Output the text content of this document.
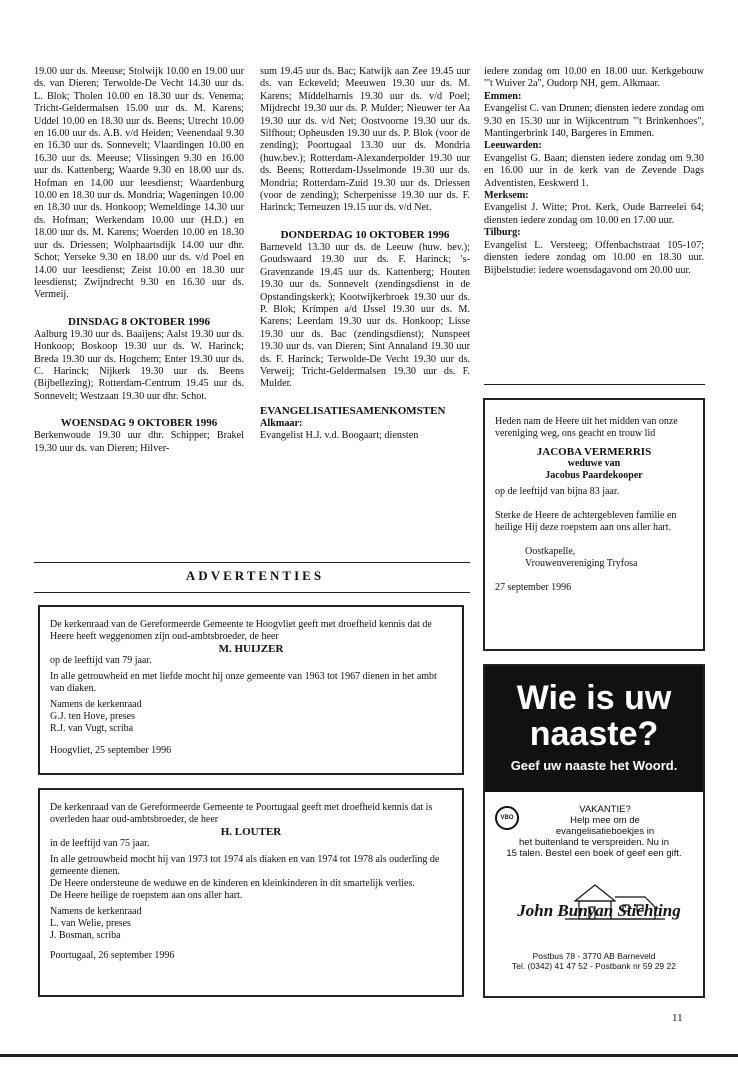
19.00 uur ds. Meeuse; Stolwijk 10.00 en 19.00 uur ds. van Dieren; Terwolde-De Vecht 14.30 uur ds. L. Blok; Tholen 10.00 en 18.30 uur ds. Venema; Tricht-Geldermalsen 15.00 uur ds. M. Karens; Uddel 10.00 en 18.30 uur ds. Beens; Utrecht 10.00 en 16.00 uur ds. A.B. v/d Heiden; Veenendaal 9.30 en 16.30 uur ds. Sonnevelt; Vlaardingen 10.00 en 16.30 uur ds. Meeuse; Vlissingen 9.30 en 16.00 uur ds. Kattenberg; Waarde 9.30 en 18.00 uur ds. Hofman en 14.00 uur leesdienst; Waardenburg 10.00 en 18.30 uur ds. Mondria; Wageningen 10.00 en 18.30 uur ds. Honkoop; Wemeldinge 14.30 uur ds. Hofman; Werkendam 10.00 uur (H.D.) en 18.00 uur ds. M. Karens; Woerden 10.00 en 18.30 uur ds. Driessen; Wolphaartsdijk 14.00 uur dhr. Schot; Yerseke 9.30 en 18.00 uur ds. v/d Poel en 14.00 uur leesdienst; Zeist 10.00 en 18.30 uur leesdienst; Zwijndrecht 9.30 en 16.30 uur ds. Vermeij.

DINSDAG 8 OKTOBER 1996

Aalburg 19.30 uur ds. Baaijens; Aalst 19.30 uur ds. Honkoop; Boskoop 19.30 uur ds. W. Harinck; Breda 19.30 uur ds. Hogchem; Enter 19.30 uur ds. C. Harinck; Nijkerk 19.30 uur ds. Beens (Bijbellezing); Rotterdam-Centrum 19.45 uur ds. Sonnevelt; Westzaan 19.30 uur dhr. Schot.

WOENSDAG 9 OKTOBER 1996

Berkenwoude 19.30 uur dhr. Schipper; Brakel 19.30 uur ds. van Dieren; Hilver-

sum 19.45 uur ds. Bac; Katwijk aan Zee 19.45 uur ds. van Eckeveld; Meeuwen 19.30 uur ds. M. Karens; Middelharnis 19.30 uur ds. v/d Poel; Mijdrecht 19.30 uur ds. P. Mulder; Nieuwer ter Aa 19.30 uur ds. v/d Net; Oostvoorne 19.30 uur ds. Silfhout; Opheusden 19.30 uur ds. P. Blok (voor de zending); Poortugaal 13.30 uur ds. Mondria (huw.bev.); Rotterdam-Alexanderpolder 19.30 uur ds. Beens; Rotterdam-IJsselmonde 19.30 uur ds. Mondria; Rotterdam-Zuid 19.30 uur ds. Driessen (voor de zending); Scherpenisse 19.30 uur ds. F. Harinck; Terneuzen 19.15 uur ds. v/d Net.

DONDERDAG 10 OKTOBER 1996

Barneveld 13.30 uur ds. de Leeuw (huw. bev.); Goudswaard 19.30 uur ds. F. Harinck; 's-Gravenzande 19.45 uur ds. Kattenberg; Houten 19.30 uur ds. Sonnevelt (zendingsdienst in de Opstandingskerk); Kootwijkerbroek 19.30 uur ds. P. Blok; Krimpen a/d IJssel 19.30 uur ds. M. Karens; Leerdam 19.30 uur ds. Honkoop; Lisse 19.30 uur ds. Bac (zendingsdienst); Nunspeet 19.30 uur ds. van Dieren; Sint Annaland 19.30 uur ds. F. Harinck; Terwolde-De Vecht 19.30 uur ds. Verweij; Tricht-Geldermalsen 19.30 uur ds. F. Mulder.

EVANGELISATIESAMENKOMSTEN

Alkmaar:

Evangelist H.J. v.d. Boogaart; diensten

iedere zondag om 10.00 en 18.00 uur. Kerkgebouw "'t Wuiver 2a", Oudorp NH, gem. Alkmaar.

Emmen:

Evangelist C. van Drunen; diensten iedere zondag om 9.30 en 15.30 uur in Wijkcentrum "'t Brinkenhoes", Mantingerbrink 140, Bargeres in Emmen.

Leeuwarden:

Evangelist G. Baan; diensten iedere zondag om 9.30 en 16.00 uur in de kerk van de Zevende Dags Adventisten, Eeskwerd 1.

Merksem:

Evangelist J. Witte; Prot. Kerk, Oude Barreelei 64; diensten iedere zondag om 10.00 en 17.00 uur.

Tilburg:

Evangelist L. Versteeg; Offenbachstraat 105-107; diensten iedere zondag om 10.00 en 18.30 uur. Bijbelstudie: iedere woensdagavond om 20.00 uur.

ADVERTENTIES

De kerkenraad van de Gereformeerde Gemeente te Hoogvliet geeft met droefheid kennis dat de Heere heeft weggenomen zijn oud-ambtsbroeder, de heer

M. HUIJZER

op de leeftijd van 79 jaar.

In alle getrouwheid en met liefde mocht hij onze gemeente van 1963 tot 1967 dienen in het ambt van diaken.

Namens de kerkenraad

G.J. ten Hove, preses

R.J. van Vugt, scriba

Hoogvliet, 25 september 1996

De kerkenraad van de Gereformeerde Gemeente te Poortugaal geeft met droefheid kennis dat is overleden haar oud-ambtsbroeder, de heer

H. LOUTER

in de leeftijd van 75 jaar.

In alle getrouwheid mocht hij van 1973 tot 1974 als diaken en van 1974 tot 1978 als ouderling de gemeente dienen.

De Heere ondersteune de weduwe en de kinderen en kleinkinderen in dit smartelijk verlies.

De Heere heilige de roepstem aan ons aller hart.

Namens de kerkenraad

L. van Welie, preses

J. Bosman, scriba

Poortugaal, 26 september 1996

Heden nam de Heere uit het midden van onze vereniging weg, ons geacht en trouw lid

JACOBA VERMERRIS

weduwe van

Jacobus Paardekooper

op de leeftijd van bijna 83 jaar.

Sterke de Heere de achtergebleven familie en heilige Hij deze roepstem aan ons aller hart.

Oostkapelle,

Vrouwenvereniging Tryfosa

27 september 1996

Wie is uw
naaste?
Geef uw naaste het Woord.
VBO
VAKANTIE?
Help mee om de
evangelisatieboekjes in
het buitenland te verspreiden. Nu in
15 talen. Bestel een boek of geef een gift.
John Bunyan Stichting
Postbus 78 - 3770 AB Barneveld
Tel. (0342) 41 47 52 - Postbank nr 59 29 22
11
